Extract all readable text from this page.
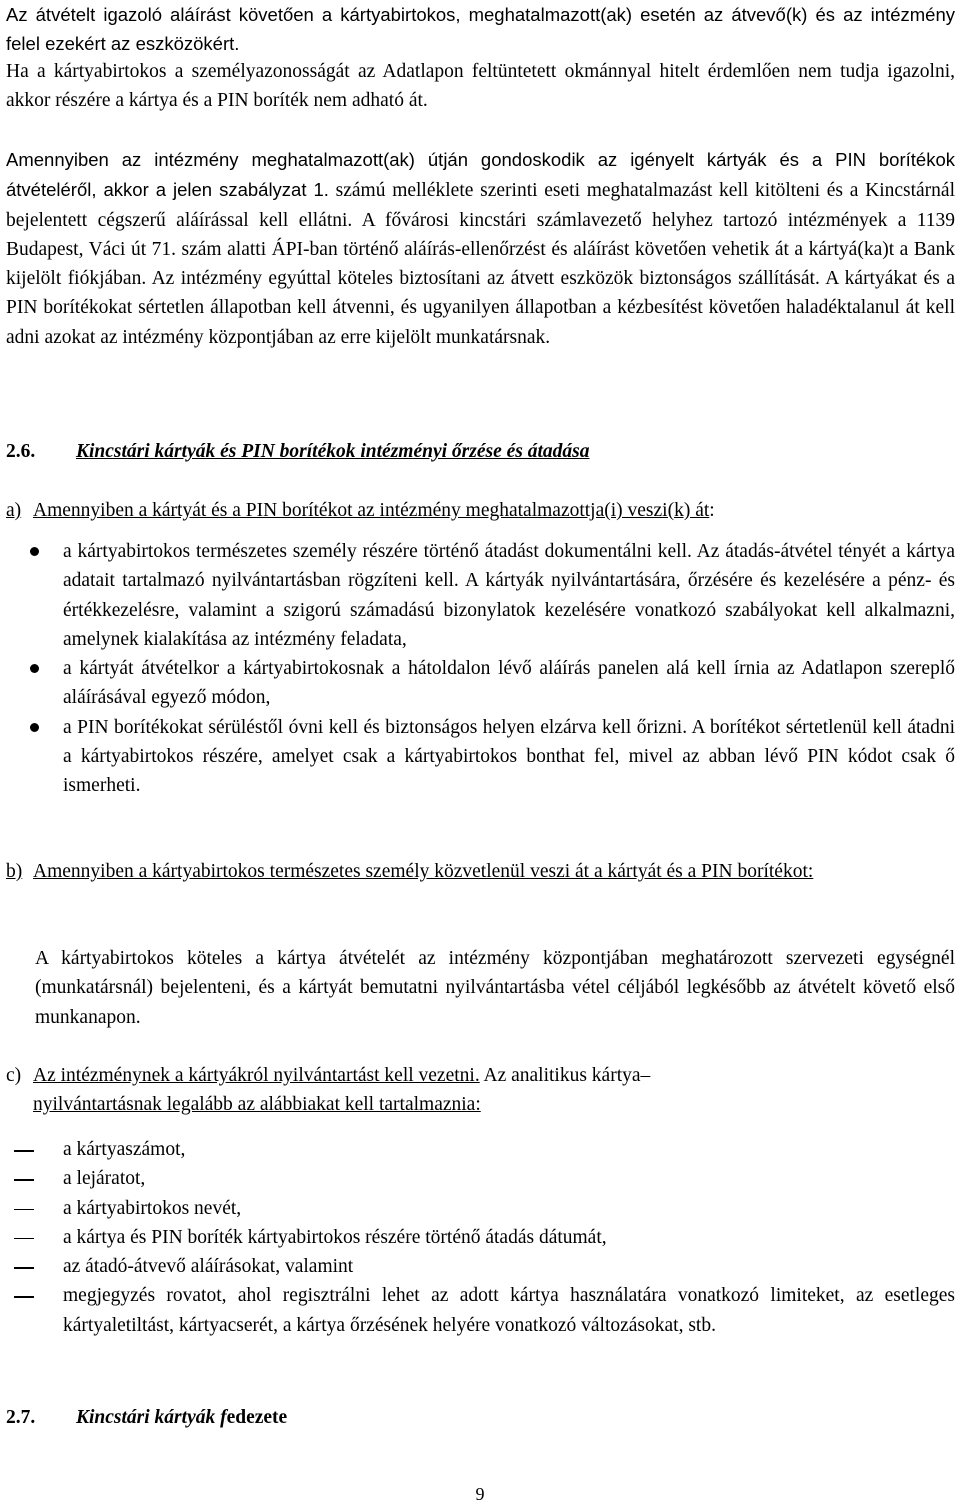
Az átvételt igazoló aláírást követően a kártyabirtokos, meghatalmazott(ak) esetén az átvevő(k) és az intézmény felel ezekért az eszközökért.

Ha a kártyabirtokos a személyazonosságát az Adatlapon feltüntetett okmánnyal hitelt érdemlően nem tudja igazolni, akkor részére a kártya és a PIN boríték nem adható át.

Amennyiben az intézmény meghatalmazott(ak) útján gondoskodik az igényelt kártyák és a PIN borítékok átvételéről, akkor a jelen szabályzat 1. számú melléklete szerinti eseti meghatalmazást kell kitölteni és a Kincstárnál bejelentett cégszerű aláírással kell ellátni. A fővárosi kincstári számlavezető helyhez tartozó intézmények a 1139 Budapest, Váci út 71. szám alatti ÁPI-ban történő aláírás-ellenőrzést és aláírást követően vehetik át a kártyá(ka)t a Bank kijelölt fiókjában. Az intézmény egyúttal köteles biztosítani az átvett eszközök biztonságos szállítását. A kártyákat és a PIN borítékokat sértetlen állapotban kell átvenni, és ugyanilyen állapotban a kézbesítést követően haladéktalanul át kell adni azokat az intézmény központjában az erre kijelölt munkatársnak.

2.6. Kincstári kártyák és PIN borítékok intézményi őrzése és átadása
a) Amennyiben a kártyát és a PIN borítékot az intézmény meghatalmazottja(i) veszi(k) át:
a kártyabirtokos természetes személy részére történő átadást dokumentálni kell. Az átadás-átvétel tényét a kártya adatait tartalmazó nyilvántartásban rögzíteni kell. A kártyák nyilvántartására, őrzésére és kezelésére a pénz- és értékkezelésre, valamint a szigorú számadású bizonylatok kezelésére vonatkozó szabályokat kell alkalmazni, amelynek kialakítása az intézmény feladata,
a kártyát átvételkor a kártyabirtokosnak a hátoldalon lévő aláírás panelen alá kell írnia az Adatlapon szereplő aláírásával egyező módon,
a PIN borítékokat sérüléstől óvni kell és biztonságos helyen elzárva kell őrizni. A borítékot sértetlenül kell átadni a kártyabirtokos részére, amelyet csak a kártyabirtokos bonthat fel, mivel az abban lévő PIN kódot csak ő ismerheti.
b) Amennyiben a kártyabirtokos természetes személy közvetlenül veszi át a kártyát és a PIN borítékot:

A kártyabirtokos köteles a kártya átvételét az intézmény központjában meghatározott szervezeti egységnél (munkatársnál) bejelenteni, és a kártyát bemutatni nyilvántartásba vétel céljából legkésőbb az átvételt követő első munkanapon.

c) Az intézménynek a kártyákról nyilvántartást kell vezetni. Az analitikus kártya–
nyilvántartásnak legalább az alábbiakat kell tartalmaznia:
a kártyaszámot,
a lejáratot,
a kártyabirtokos nevét,
a kártya és PIN boríték kártyabirtokos részére történő átadás dátumát,
az átadó-átvevő aláírásokat, valamint
megjegyzés rovatot, ahol regisztrálni lehet az adott kártya használatára vonatkozó limiteket, az esetleges kártyaletiltást, kártyacserét, a kártya őrzésének helyére vonatkozó változásokat, stb.
2.7. Kincstári kártyák fedezete
9
